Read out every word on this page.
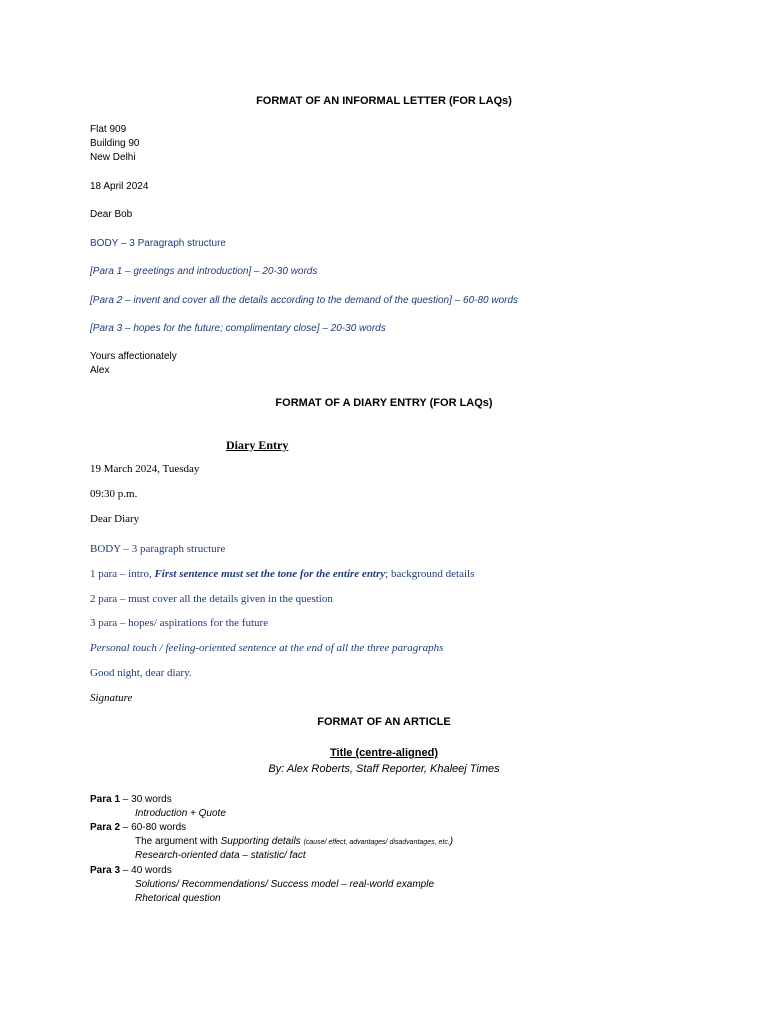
FORMAT OF AN INFORMAL LETTER (FOR LAQs)
Flat 909
Building 90
New Delhi
18 April 2024
Dear Bob
BODY – 3 Paragraph structure
[Para 1 – greetings and introduction] – 20-30 words
[Para 2 – invent and cover all the details according to the demand of the question] – 60-80 words
[Para 3 – hopes for the future; complimentary close] – 20-30 words
Yours affectionately
Alex
FORMAT OF A DIARY ENTRY (FOR LAQs)
Diary Entry
19 March 2024, Tuesday
09:30 p.m.
Dear Diary
BODY – 3 paragraph structure
1 para – intro, First sentence must set the tone for the entire entry; background details
2 para – must cover all the details given in the question
3 para – hopes/ aspirations for the future
Personal touch / feeling-oriented sentence at the end of all the three paragraphs
Good night, dear diary.
Signature
FORMAT OF AN ARTICLE
Title (centre-aligned)
By: Alex Roberts, Staff Reporter, Khaleej Times
Para 1 – 30 words
Introduction + Quote
Para 2 – 60-80 words
The argument with Supporting details (cause/ effect, advantages/ disadvantages, etc.)
Research-oriented data – statistic/ fact
Para 3 – 40 words
Solutions/ Recommendations/ Success model – real-world example
Rhetorical question
